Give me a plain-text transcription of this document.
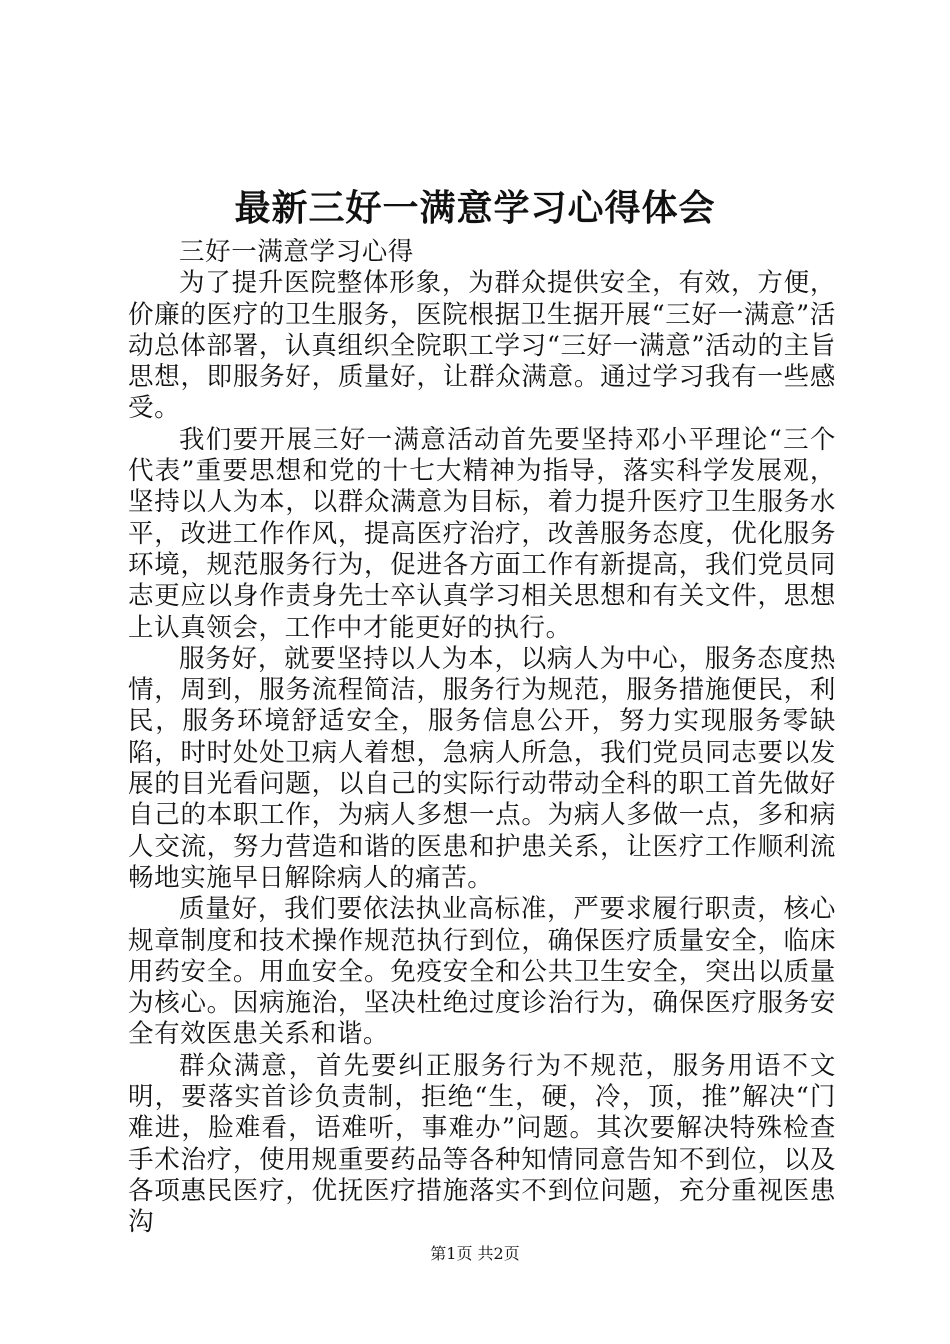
最新三好一满意学习心得体会

三好一满意学习心得

为了提升医院整体形象，为群众提供安全，有效，方便，价廉的医疗的卫生服务，医院根据卫生据开展“三好一满意”活动总体部署，认真组织全院职工学习“三好一满意”活动的主旨思想，即服务好，质量好，让群众满意。通过学习我有一些感受。

我们要开展三好一满意活动首先要坚持邓小平理论“三个代表”重要思想和党的十七大精神为指导，落实科学发展观，坚持以人为本，以群众满意为目标，着力提升医疗卫生服务水平，改进工作作风，提高医疗治疗，改善服务态度，优化服务环境，规范服务行为，促进各方面工作有新提高，我们党员同志更应以身作责身先士卒认真学习相关思想和有关文件，思想上认真领会，工作中才能更好的执行。

服务好，就要坚持以人为本，以病人为中心，服务态度热情，周到，服务流程简洁，服务行为规范，服务措施便民，利民，服务环境舒适安全，服务信息公开，努力实现服务零缺陷，时时处处卫病人着想，急病人所急，我们党员同志要以发展的目光看问题，以自己的实际行动带动全科的职工首先做好自己的本职工作，为病人多想一点。为病人多做一点，多和病人交流，努力营造和谐的医患和护患关系，让医疗工作顺利流畅地实施早日解除病人的痛苦。

质量好，我们要依法执业高标准，严要求履行职责，核心规章制度和技术操作规范执行到位，确保医疗质量安全，临床用药安全。用血安全。免疫安全和公共卫生安全，突出以质量为核心。因病施治，坚决杜绝过度诊治行为，确保医疗服务安全有效医患关系和谐。

群众满意，首先要纠正服务行为不规范，服务用语不文明，要落实首诊负责制，拒绝“生，硬，冷，顶，推”解决“门难进，脸难看，语难听，事难办”问题。其次要解决特殊检查手术治疗，使用规重要药品等各种知情同意告知不到位，以及各项惠民医疗，优抚医疗措施落实不到位问题，充分重视医患沟

第1页 共2页
